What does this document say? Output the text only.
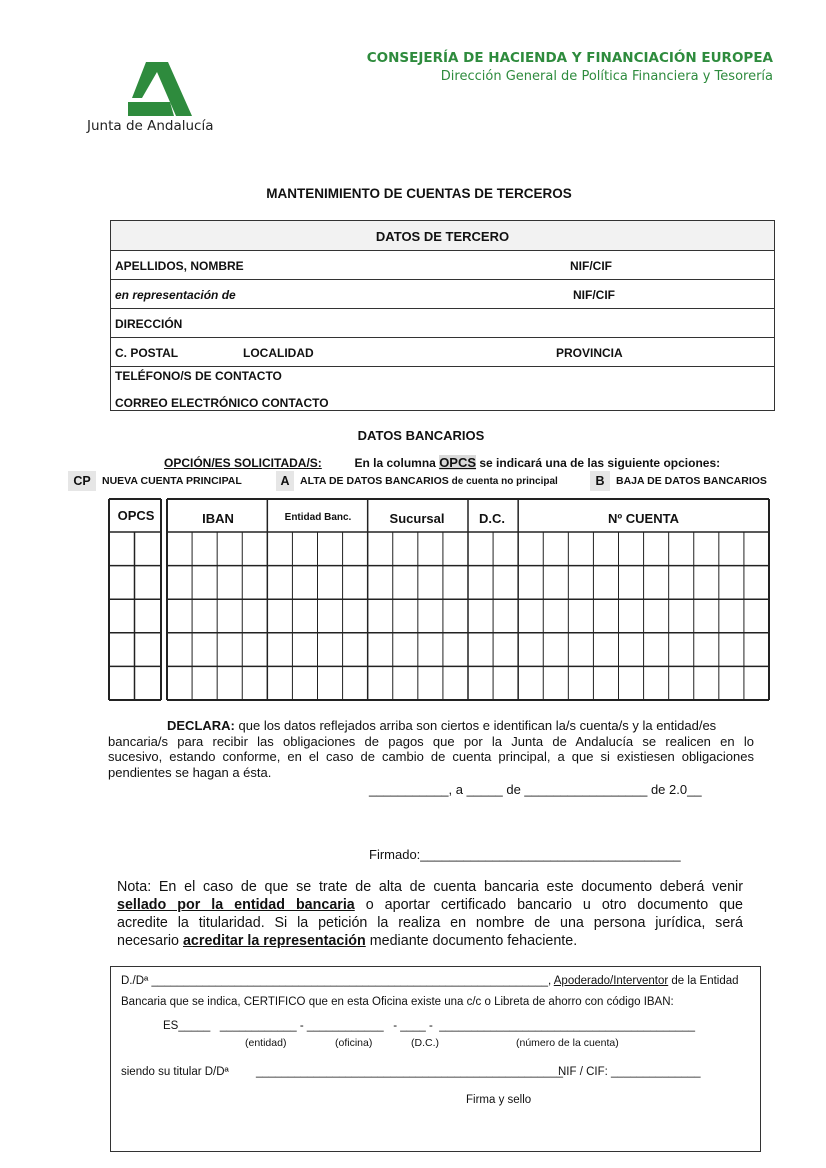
Junta de Andalucía
CONSEJERÍA DE HACIENDA Y FINANCIACIÓN EUROPEA
Dirección General de Política Financiera y Tesorería
MANTENIMIENTO DE CUENTAS DE TERCEROS
DATOS DE TERCERO
APELLIDOS, NOMBRE	NIF/CIF
en representación de	NIF/CIF
DIRECCIÓN
C. POSTAL	LOCALIDAD	PROVINCIA
TELÉFONO/S DE CONTACTO
CORREO ELECTRÓNICO CONTACTO
DATOS BANCARIOS
OPCIÓN/ES SOLICITADA/S:	En la columna OPCS se indicará una de las siguiente opciones:
CP	NUEVA CUENTA PRINCIPAL	A ALTA DE DATOS BANCARIOS de cuenta no principal	B	BAJA DE DATOS BANCARIOS
OPCS	IBAN	Entidad Banc.	Sucursal	D.C.	Nº CUENTA
DECLARA: que los datos reflejados arriba son ciertos e identifican la/s cuenta/s y la entidad/es
bancaria/s para recibir las obligaciones de pagos que por la Junta de Andalucía se realicen en lo
sucesivo, estando conforme, en el caso de cambio de cuenta principal, a que si existiesen obligaciones
pendientes se hagan a ésta.
___________, a _____ de _________________ de 2.0__
Firmado:____________________________________
Nota: En el caso de que se trate de alta de cuenta bancaria este documento deberá venir
sellado por la entidad bancaria o aportar certificado bancario u otro documento que
acredite la titularidad. Si la petición la realiza en nombre de una persona jurídica, será
necesario acreditar la representación mediante documento fehaciente.
D./Dª ______________________________________________________________, Apoderado/Interventor de la Entidad
Bancaria que se indica, CERTIFICO que en esta Oficina existe una c/c o Libreta de ahorro con código IBAN:
ES_____   ____________ - ____________   - ____ -  ________________________________________
(entidad)	(oficina)	(D.C.)	(número de la cuenta)
siendo su titular D/Dª ________________________________________________
NIF / CIF: ______________
Firma y sello
